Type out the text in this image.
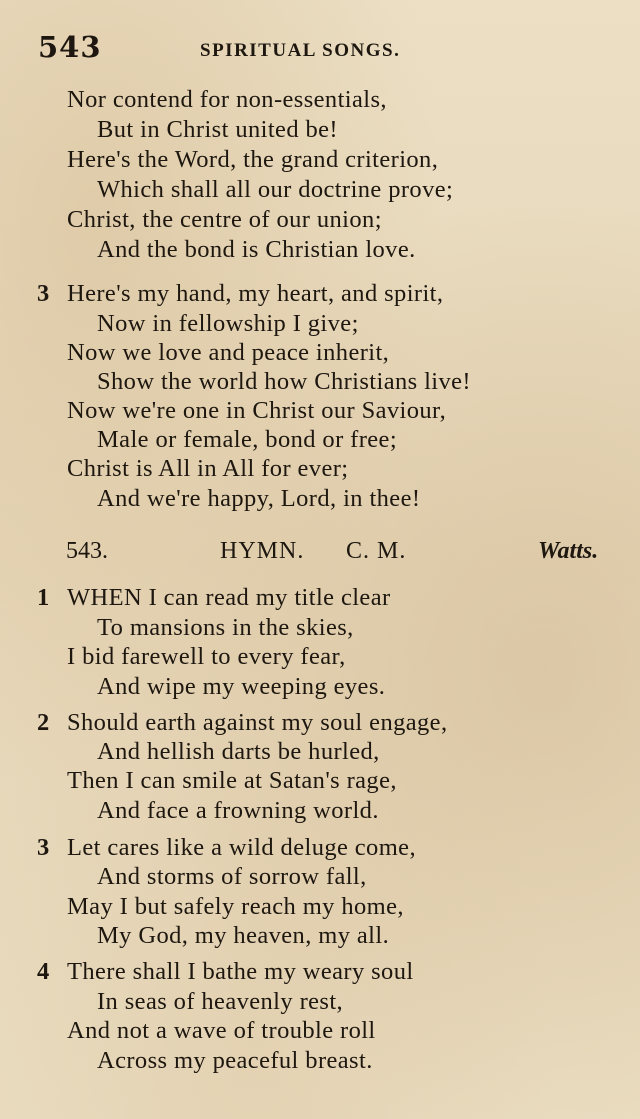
543	SPIRITUAL SONGS.
Nor contend for non-essentials,
But in Christ united be!
Here's the Word, the grand criterion,
Which shall all our doctrine prove;
Christ, the centre of our union;
And the bond is Christian love.
3 Here's my hand, my heart, and spirit,
Now in fellowship I give;
Now we love and peace inherit,
Show the world how Christians live!
Now we're one in Christ our Saviour,
Male or female, bond or free;
Christ is All in All for ever;
And we're happy, Lord, in thee!
543.	HYMN. C. M.	Watts.
1 WHEN I can read my title clear
To mansions in the skies,
I bid farewell to every fear,
And wipe my weeping eyes.
2 Should earth against my soul engage,
And hellish darts be hurled,
Then I can smile at Satan's rage,
And face a frowning world.
3 Let cares like a wild deluge come,
And storms of sorrow fall,
May I but safely reach my home,
My God, my heaven, my all.
4 There shall I bathe my weary soul
In seas of heavenly rest,
And not a wave of trouble roll
Across my peaceful breast.
